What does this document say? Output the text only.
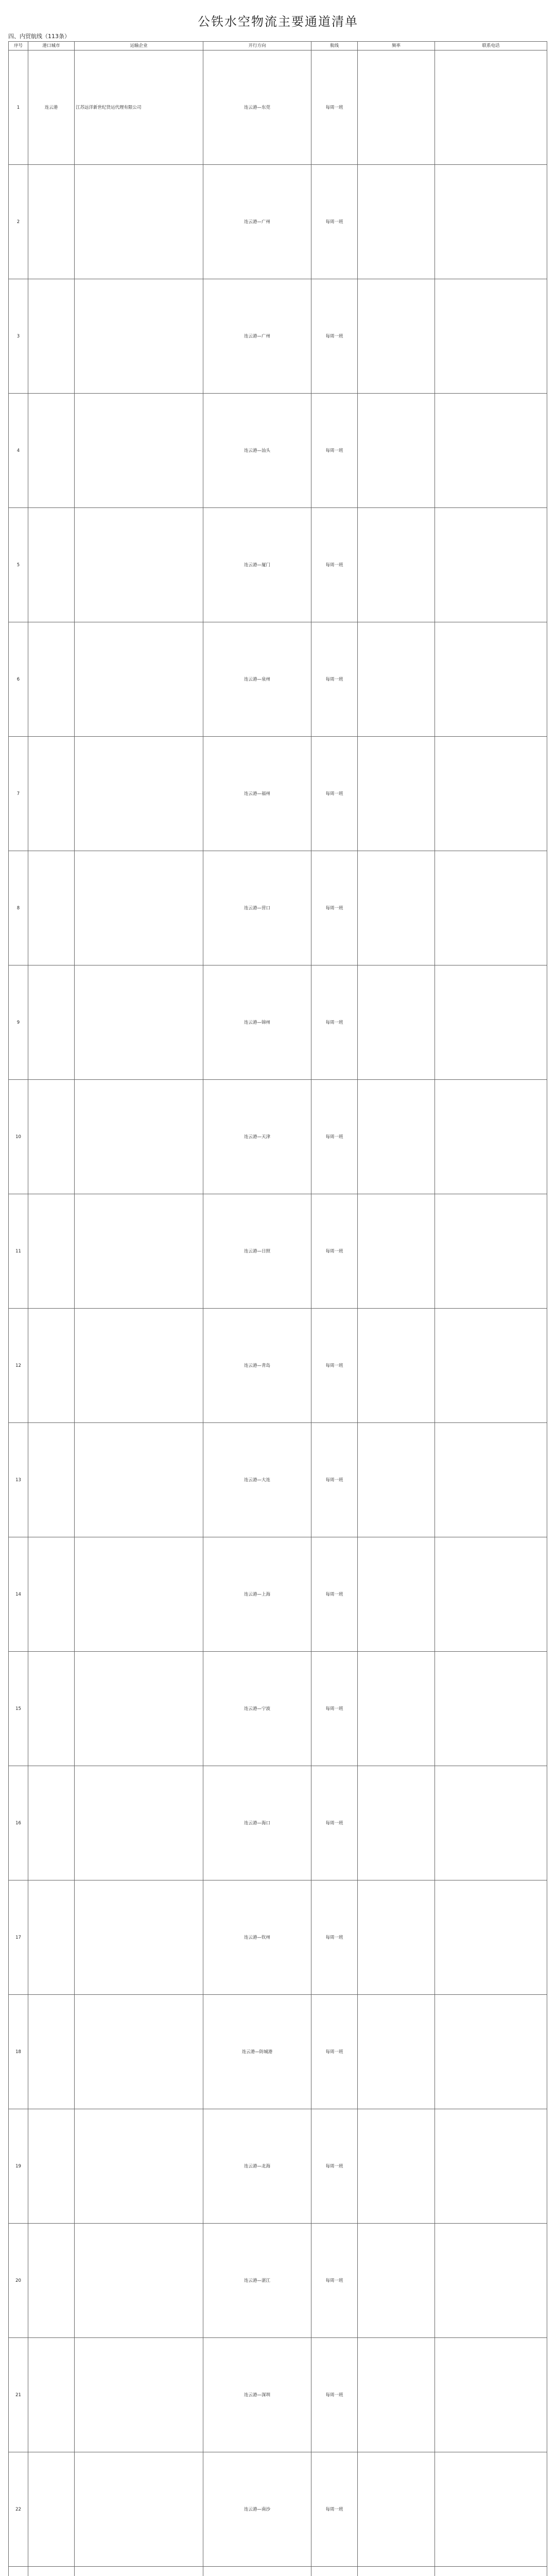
公铁水空物流主要通道清单
四、内贸航线（113条）
序号	港口城市	运输企业	开行方向	航线	频率	联系电话
1	连云港	江苏远洋新世纪货运代理有限公司	连云港—东莞	每周一班		
2			连云港—广州	每周一班		
3			连云港—广州	每周一班		
4			连云港—汕头	每周一班		
5			连云港—厦门	每周一班		
6			连云港—泉州	每周一班		
7			连云港—福州	每周一班		
8			连云港—营口	每周一班		
9			连云港—锦州	每周一班		
10			连云港—天津	每周一班		
11			连云港—日照	每周一班		
12			连云港—青岛	每周一班		
13			连云港—大连	每周一班		
14			连云港—上海	每周一班		
15			连云港—宁波	每周一班		
16			连云港—海口	每周一班		
17			连云港—钦州	每周一班		
18			连云港—防城港	每周一班		
19			连云港—北海	每周一班		
20			连云港—湛江	每周一班		
21			连云港—深圳	每周一班		
22			连云港—南沙	每周一班		
